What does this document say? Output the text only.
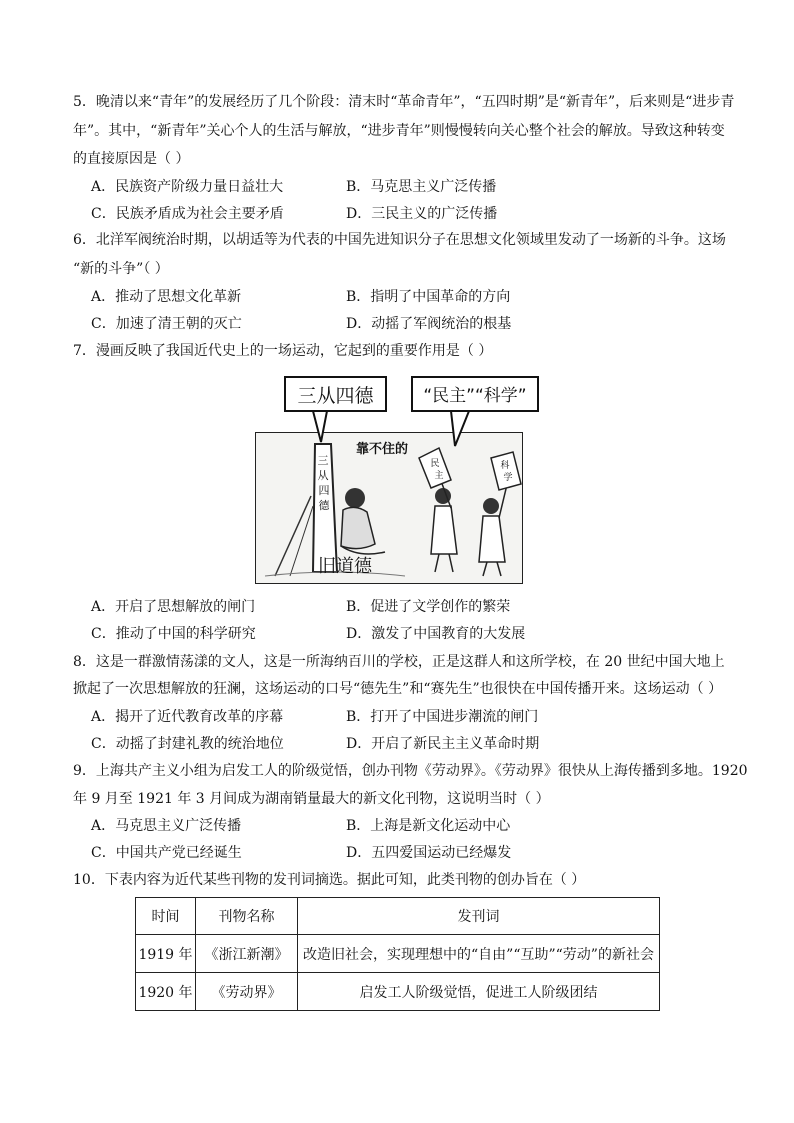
5．晚清以来“青年”的发展经历了几个阶段：清末时“革命青年”，“五四时期”是“新青年”，后来则是“进步青
年”。其中，“新青年”关心个人的生活与解放，“进步青年”则慢慢转向关心整个社会的解放。导致这种转变
的直接原因是（ ）
A．民族资产阶级力量日益壮大	B．马克思主义广泛传播
C．民族矛盾成为社会主要矛盾	D．三民主义的广泛传播
6．北洋军阀统治时期，以胡适等为代表的中国先进知识分子在思想文化领域里发动了一场新的斗争。这场
“新的斗争”（ ）
A．推动了思想文化革新	B．指明了中国革命的方向
C．加速了清王朝的灭亡	D．动摇了军阀统治的根基
7．漫画反映了我国近代史上的一场运动，它起到的重要作用是（ ）
三
从
四
德
民
主
科
学
三从四德	“民主”“科学”
靠不住的
旧道德
A．开启了思想解放的闸门	B．促进了文学创作的繁荣
C．推动了中国的科学研究	D．激发了中国教育的大发展
8．这是一群激情荡漾的文人，这是一所海纳百川的学校，正是这群人和这所学校，在 20 世纪中国大地上
掀起了一次思想解放的狂澜，这场运动的口号“德先生”和“赛先生”也很快在中国传播开来。这场运动（ ）
A．揭开了近代教育改革的序幕	B．打开了中国进步潮流的闸门
C．动摇了封建礼教的统治地位	D．开启了新民主主义革命时期
9．上海共产主义小组为启发工人的阶级觉悟，创办刊物《劳动界》。《劳动界》很快从上海传播到多地。1920
年 9 月至 1921 年 3 月间成为湖南销量最大的新文化刊物，这说明当时（ ）
A．马克思主义广泛传播	B．上海是新文化运动中心
C．中国共产党已经诞生	D．五四爱国运动已经爆发
10．下表内容为近代某些刊物的发刊词摘选。据此可知，此类刊物的创办旨在（ ）
时间	刊物名称	发刊词
1919 年	《浙江新潮》	改造旧社会，实现理想中的“自由”“互助”“劳动”的新社会
1920 年	《劳动界》	启发工人阶级觉悟，促进工人阶级团结
